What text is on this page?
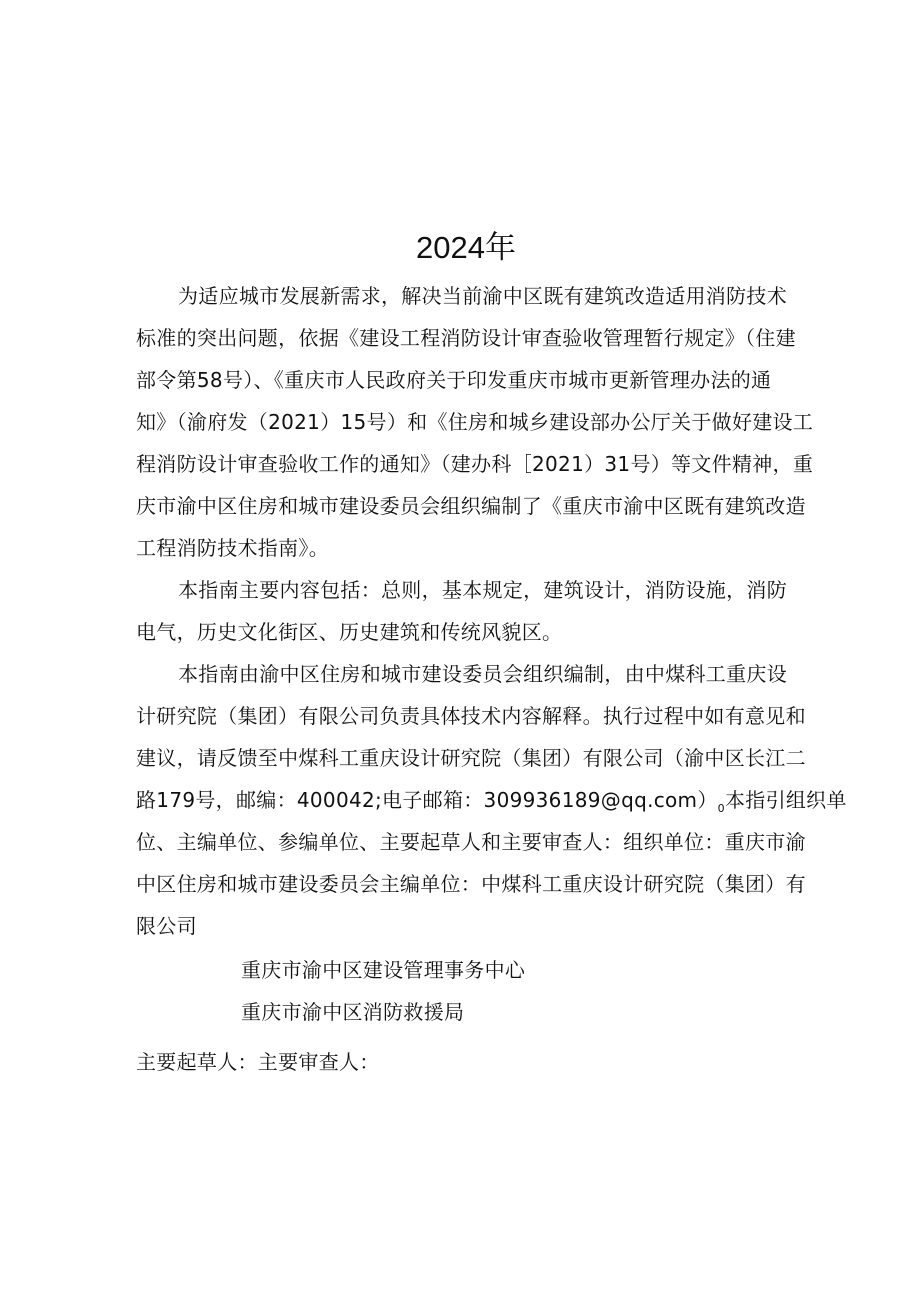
2024年
为适应城市发展新需求，解决当前渝中区既有建筑改造适用消防技术
标准的突出问题，依据《建设工程消防设计审查验收管理暂行规定》（住建
部令第58号）、《重庆市人民政府关于印发重庆市城市更新管理办法的通
知》（渝府发（2021）15号）和《住房和城乡建设部办公厅关于做好建设工
程消防设计审查验收工作的通知》（建办科［2021）31号）等文件精神，重
庆市渝中区住房和城市建设委员会组织编制了《重庆市渝中区既有建筑改造
工程消防技术指南》。
本指南主要内容包括：总则，基本规定，建筑设计，消防设施，消防
电气，历史文化街区、历史建筑和传统风貌区。
本指南由渝中区住房和城市建设委员会组织编制，由中煤科工重庆设
计研究院（集团）有限公司负责具体技术内容解释。执行过程中如有意见和
建议，请反馈至中煤科工重庆设计研究院（集团）有限公司（渝中区长江二
路179号，邮编：400042;电子邮箱：$309936189@qq.com)_0$本指引组织单
位、主编单位、参编单位、主要起草人和主要审查人：组织单位：重庆市渝
中区住房和城市建设委员会主编单位：中煤科工重庆设计研究院（集团）有
限公司
重庆市渝中区建设管理事务中心
重庆市渝中区消防救援局
主要起草人：主要审查人：
